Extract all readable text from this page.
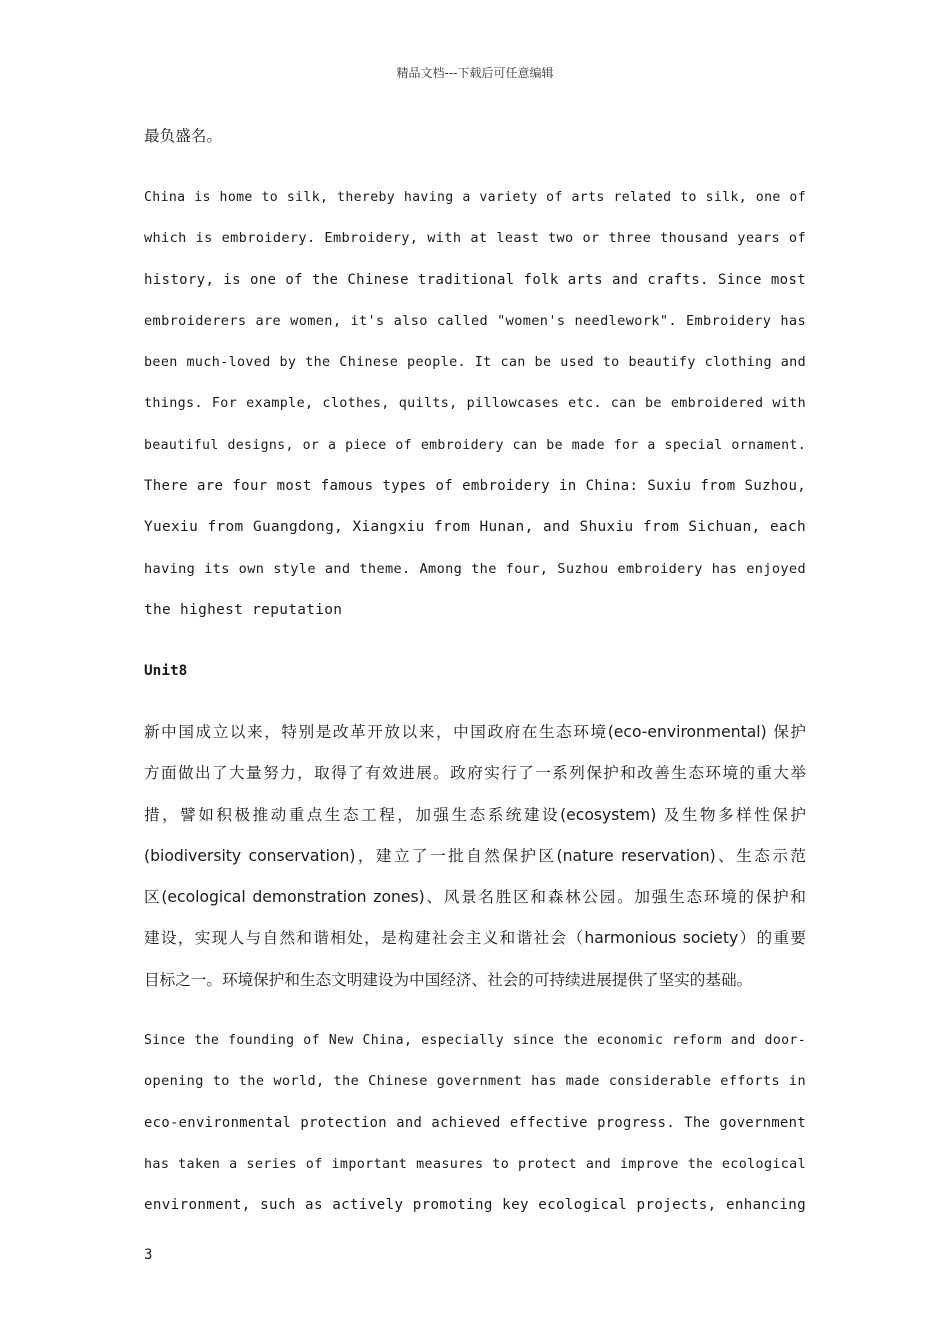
精品文档---下载后可任意编辑
最负盛名。
China is home to silk, thereby having a variety of arts related to silk, one of
which is embroidery. Embroidery, with at least two or three thousand years of
history, is one of the Chinese traditional folk arts and crafts. Since most
embroiderers are women, it's also called "women's needlework". Embroidery has
been much-loved by the Chinese people. It can be used to beautify clothing and
things. For example, clothes, quilts, pillowcases etc. can be embroidered with
beautiful designs, or a piece of embroidery can be made for a special ornament.
There are four most famous types of embroidery in China: Suxiu from Suzhou,
Yuexiu from Guangdong, Xiangxiu from Hunan, and Shuxiu from Sichuan, each
having its own style and theme. Among the four, Suzhou embroidery has enjoyed
the highest reputation
Unit8
新中国成立以来，特别是改革开放以来，中国政府在生态环境(eco-environmental) 保护
方面做出了大量努力，取得了有效进展。政府实行了一系列保护和改善生态环境的重大举
措，譬如积极推动重点生态工程，加强生态系统建设(ecosystem) 及生物多样性保护
(biodiversity conservation)，建立了一批自然保护区(nature reservation)、生态示范
区(ecological demonstration zones)、风景名胜区和森林公园。加强生态环境的保护和
建设，实现人与自然和谐相处，是构建社会主义和谐社会（harmonious society）的重要
目标之一。环境保护和生态文明建设为中国经济、社会的可持续进展提供了坚实的基础。
Since the founding of New China, especially since the economic reform and door-
opening to the world, the Chinese government has made considerable efforts in
eco-environmental protection and achieved effective progress. The government
has taken a series of important measures to protect and improve the ecological
environment, such as actively promoting key ecological projects, enhancing
3
